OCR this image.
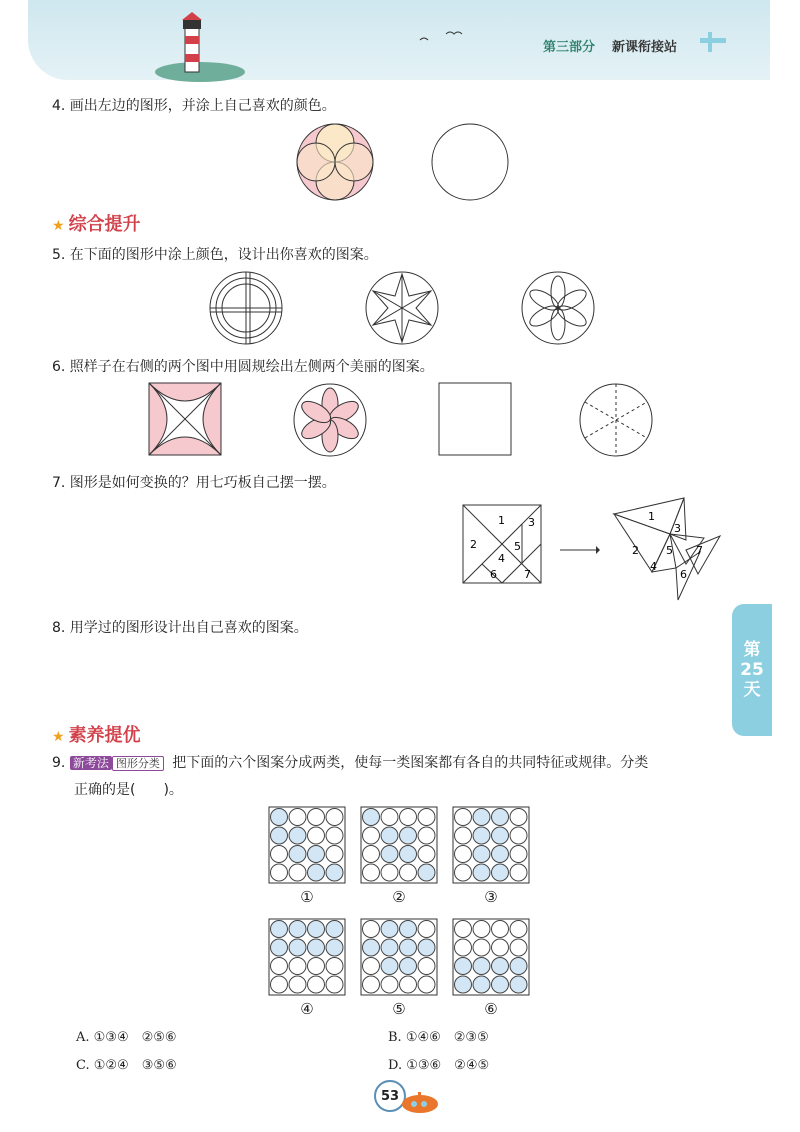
第三部分 新课衔接站
4. 画出左边的图形，并涂上自己喜欢的颜色。
★ 综合提升
5. 在下面的图形中涂上颜色，设计出你喜欢的图案。
6. 照样子在右侧的两个图中用圆规绘出左侧两个美丽的图案。
7. 图形是如何变换的？用七巧板自己摆一摆。
1
2
3
4
5
6 7
1
2
3
4
5
6
7
8. 用学过的图形设计出自己喜欢的图案。
第
25
天
★ 素养提优
9. 新考法 图形分类 把下面的六个图案分成两类，使每一类图案都有各自的共同特征或规律。分类
正确的是(　　)。
A. ①③④　②⑤⑥	B. ①④⑥　②③⑤
C. ①②④　③⑤⑥	D. ①③⑥　②④⑤
53
①	②	③
④	⑤	⑥
